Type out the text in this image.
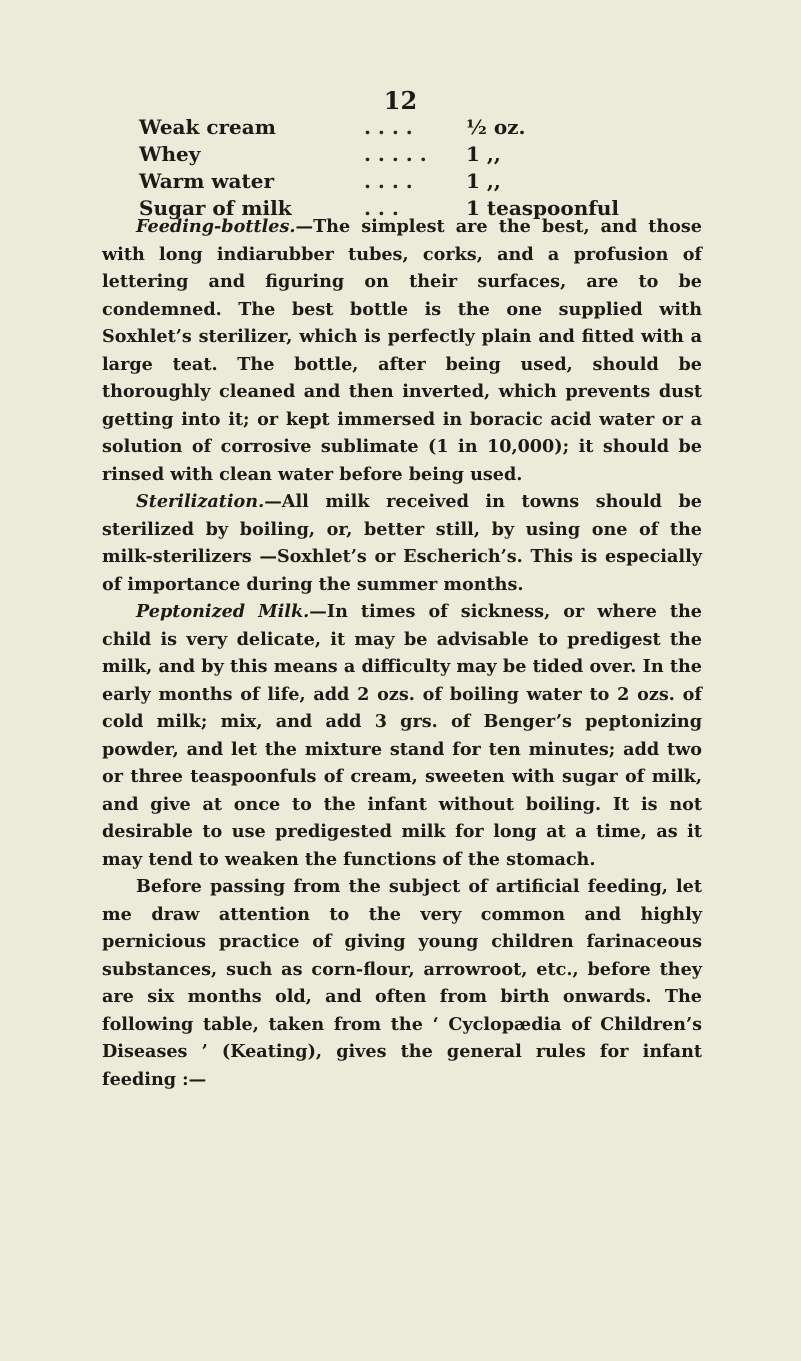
12
Weak cream	. . . .	½ oz.
Whey	. . . . .	1 ,,
Warm water	. . . .	1 ,,
Sugar of milk	. . .	1 teaspoonful

Feeding-bottles.—The simplest are the best, and those with long indiarubber tubes, corks, and a profusion of lettering and figuring on their surfaces, are to be condemned. The best bottle is the one supplied with Soxhlet’s sterilizer, which is perfectly plain and fitted with a large teat. The bottle, after being used, should be thoroughly cleaned and then inverted, which prevents dust getting into it; or kept immersed in boracic acid water or a solution of corrosive sublimate (1 in 10,000); it should be rinsed with clean water before being used.

Sterilization.—All milk received in towns should be sterilized by boiling, or, better still, by using one of the milk-sterilizers —Soxhlet’s or Escherich’s. This is especially of importance during the summer months.

Peptonized Milk.—In times of sickness, or where the child is very delicate, it may be advisable to predigest the milk, and by this means a difficulty may be tided over. In the early months of life, add 2 ozs. of boiling water to 2 ozs. of cold milk; mix, and add 3 grs. of Benger’s peptonizing powder, and let the mixture stand for ten minutes; add two or three teaspoonfuls of cream, sweeten with sugar of milk, and give at once to the infant without boiling. It is not desirable to use predigested milk for long at a time, as it may tend to weaken the functions of the stomach.

Before passing from the subject of artificial feeding, let me draw attention to the very common and highly pernicious practice of giving young children farinaceous substances, such as corn-flour, arrowroot, etc., before they are six months old, and often from birth onwards. The following table, taken from the ‘ Cyclopædia of Children’s Diseases ’ (Keating), gives the general rules for infant feeding :—
